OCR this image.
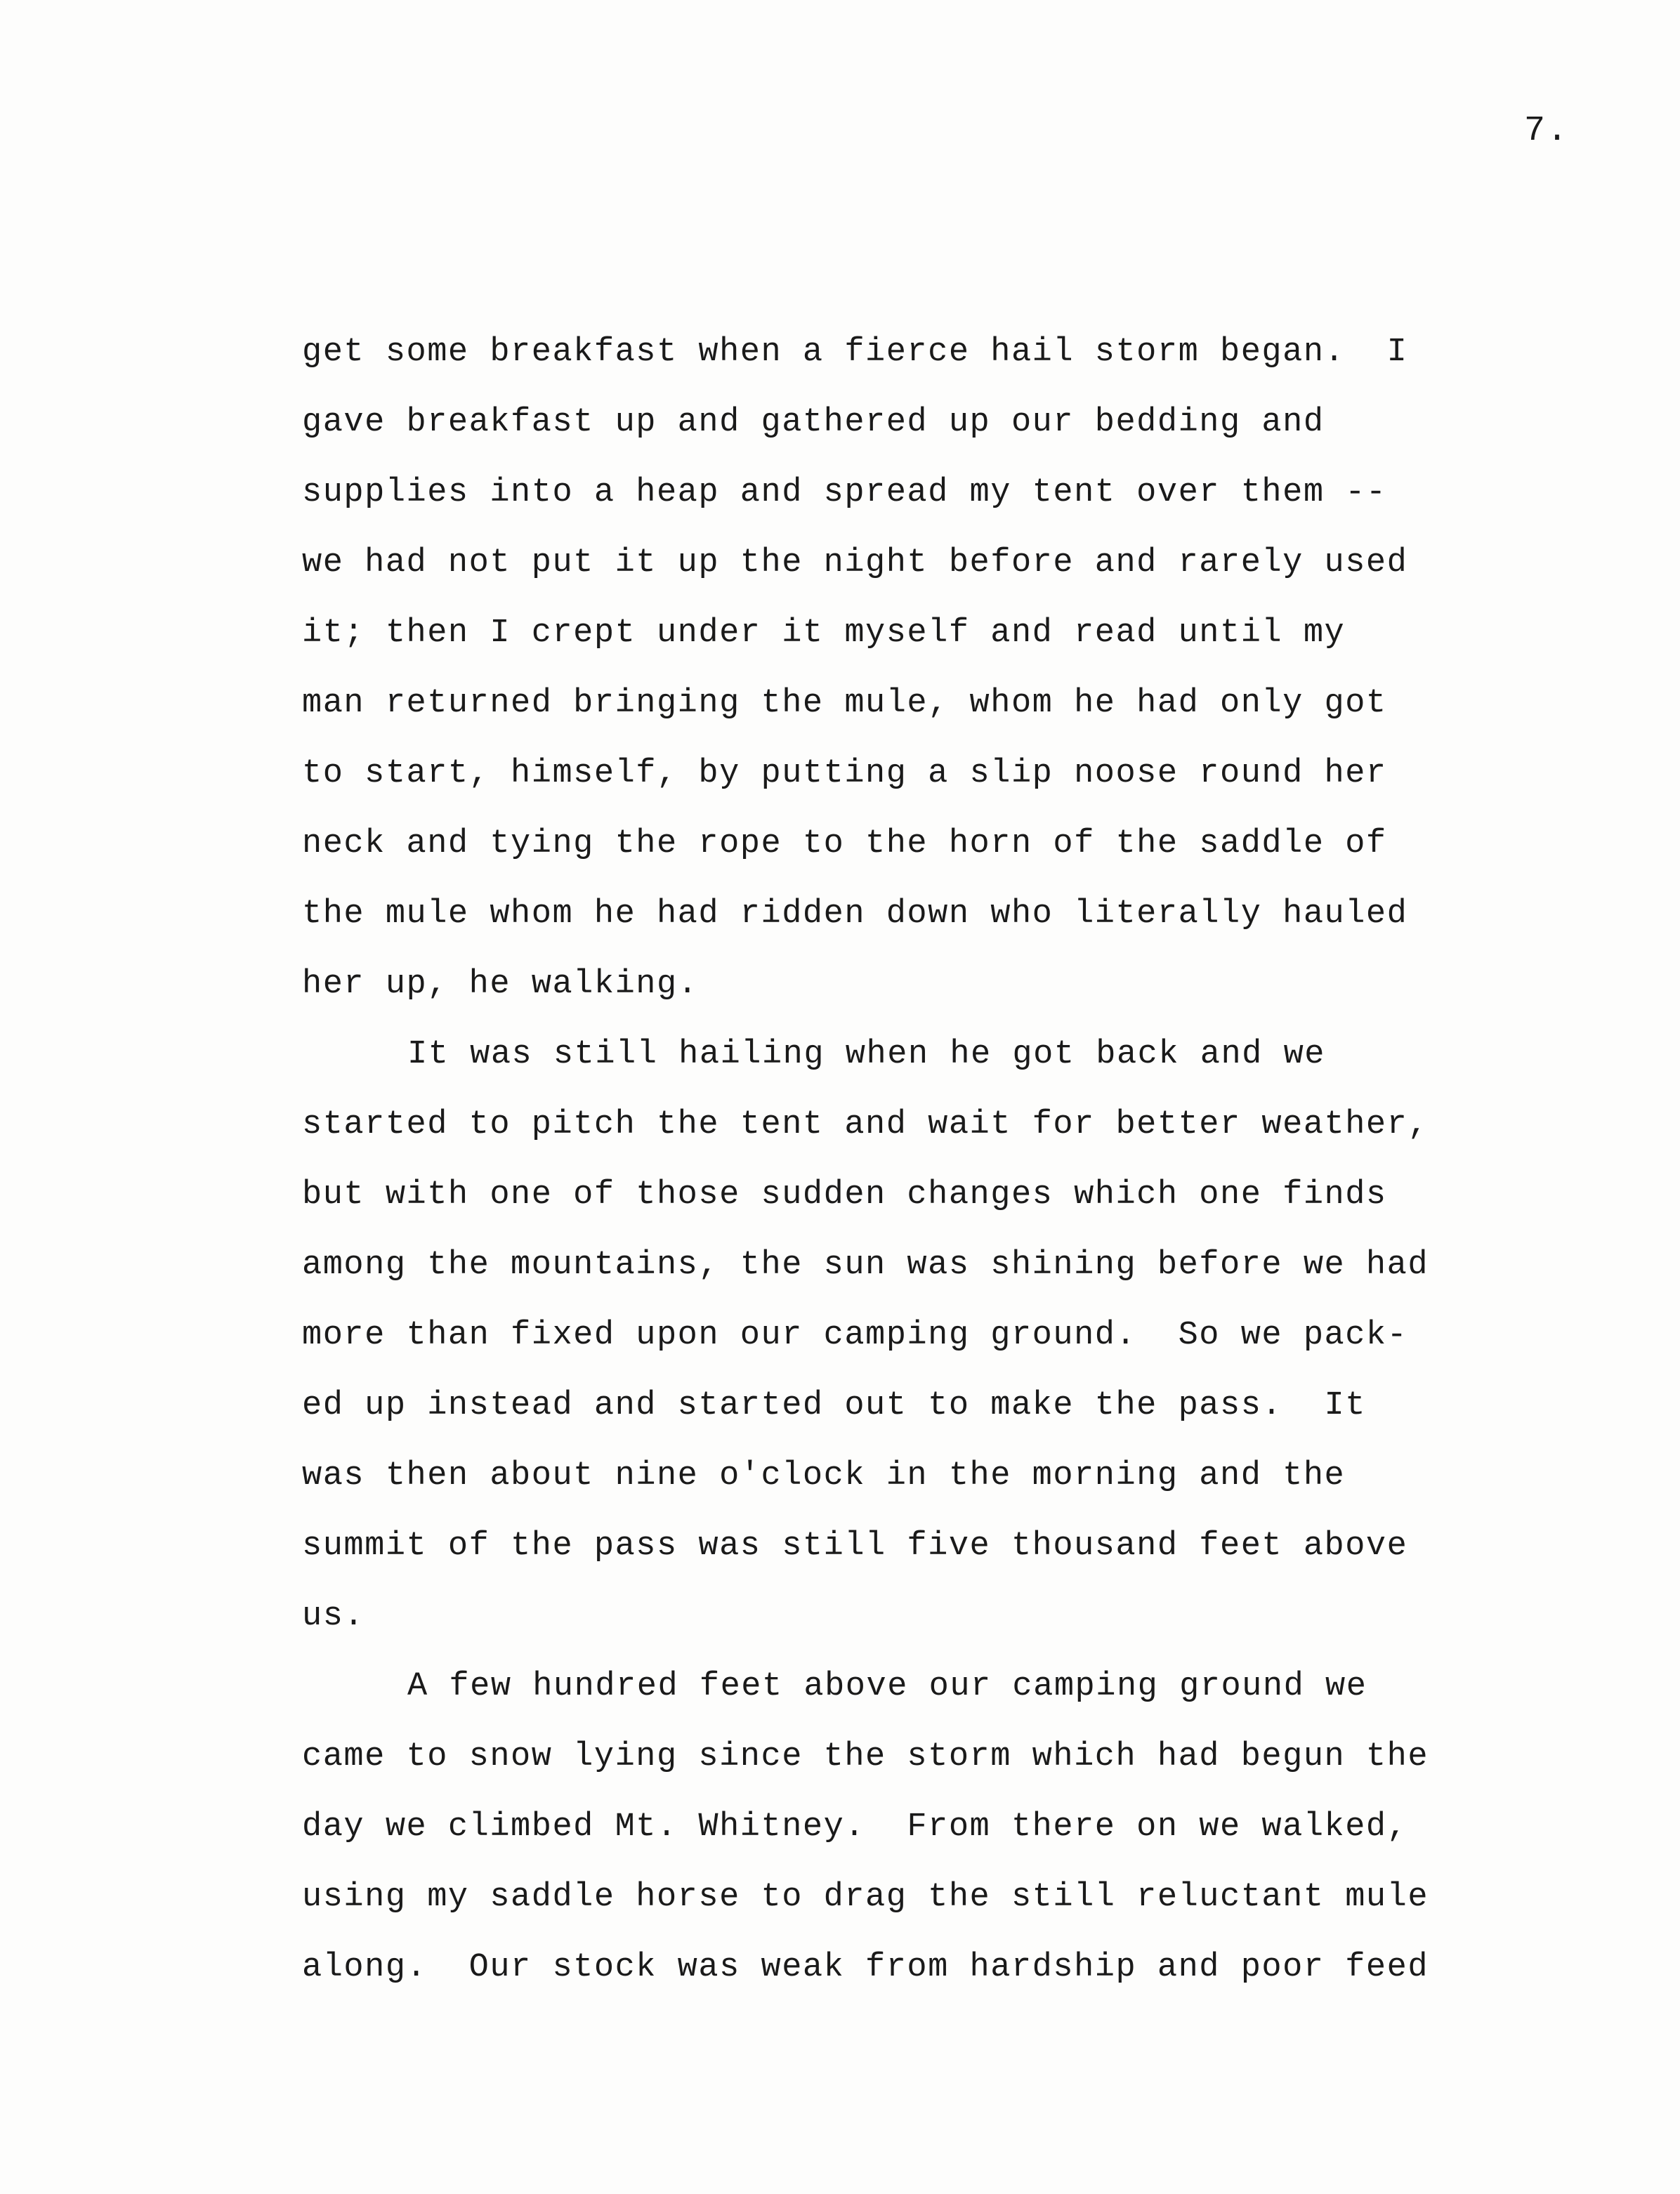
7.
get some breakfast when a fierce hail storm began.  I
gave breakfast up and gathered up our bedding and
supplies into a heap and spread my tent over them --
we had not put it up the night before and rarely used
it; then I crept under it myself and read until my
man returned bringing the mule, whom he had only got
to start, himself, by putting a slip noose round her
neck and tying the rope to the horn of the saddle of
the mule whom he had ridden down who literally hauled
her up, he walking.
It was still hailing when he got back and we
started to pitch the tent and wait for better weather,
but with one of those sudden changes which one finds
among the mountains, the sun was shining before we had
more than fixed upon our camping ground.  So we pack-
ed up instead and started out to make the pass.  It
was then about nine o'clock in the morning and the
summit of the pass was still five thousand feet above
us.
A few hundred feet above our camping ground we
came to snow lying since the storm which had begun the
day we climbed Mt. Whitney.  From there on we walked,
using my saddle horse to drag the still reluctant mule
along.  Our stock was weak from hardship and poor feed
